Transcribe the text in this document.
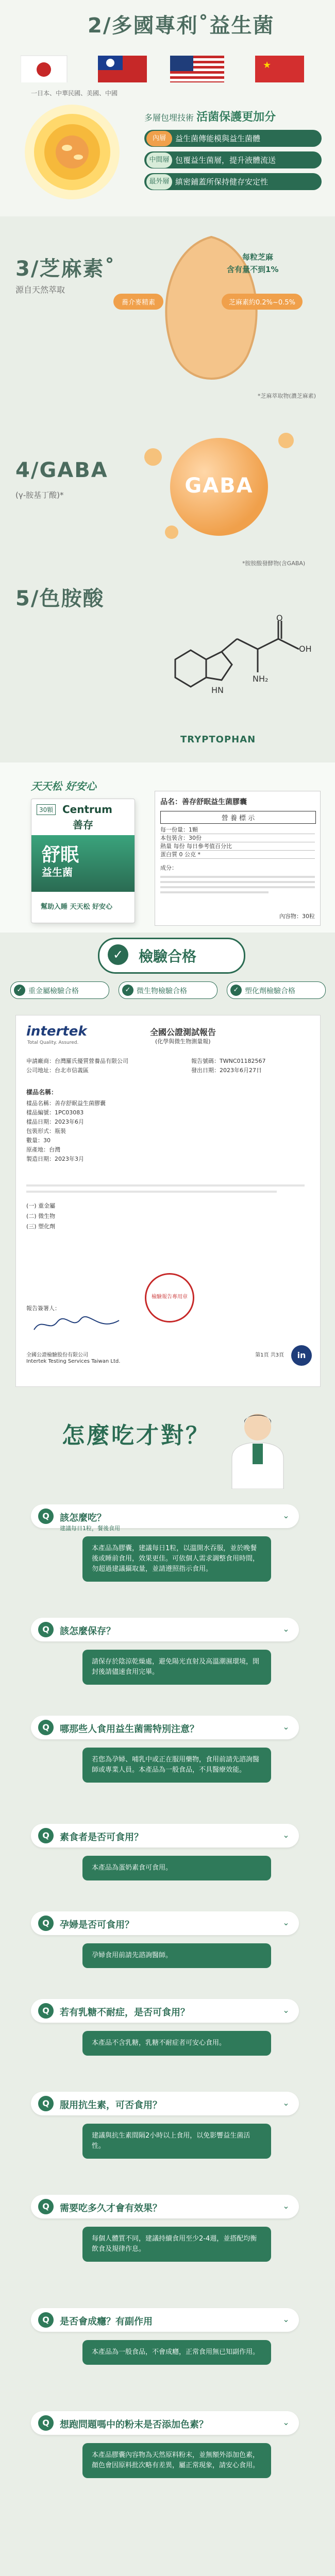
2/多國專利˚益生菌
★
一日本、中華民國、美國、中國
多層包埋技術 活菌保護更加分
內層	益生菌傳能模與益生菌體
中間層 包覆益生菌層，提升液體流送
最外層 縝密鋪蓋所保持健存安定性
3/芝麻素˚
源自天然萃取
蕎介麥精素
每粒芝麻
含有量不到1%
芝麻素約0.2%~0.5%
*芝麻萃取物(濃芝麻素)
4/GABA
(γ-胺基丁酸)*	GABA
*胺胺酸發酵物(含GABA)
5/色胺酸
O
OH
NH₂
HN
TRYPTOPHAN
天天松 好安心
30顆 Centrum
善存
舒眠
益生菌
幫助入睡 天天松 好安心
品名：善存舒眠益生菌膠囊
營 養 標 示
每一份量：1顆
本包裝含：30份
熱量 每份 每日參考值百分比
蛋白質 0 公克 *
成分：
內容物：30粒
✓	檢驗合格
✓ 重金屬檢驗合格	✓ 微生物檢驗合格	✓ 塑化劑檢驗合格
intertek
Total Quality. Assured.
全國公證測試報告
(化學與微生物測量報)
申請廠商：台灣羅氏優質營養品有限公司	報告號碼：TWNC01182567
公司地址：台北市信義區	發出日期：2023年6月27日
樣品名稱：
樣品名稱：善存舒眠益生菌膠囊
樣品編號：1PC03083
樣品日期：2023年6月
包裝形式：瓶裝
數量：30
原產地：台灣
製造日期：2023年3月
(一) 重金屬
(二) 微生物
(三) 塑化劑
檢驗報告專用章
報告簽署人：
全國公證檢驗股份有限公司
Intertek Testing Services Taiwan Ltd.
第1頁 共3頁	in
怎麼吃才對？
Q	該怎麼吃？	⌄
建議每日1粒，餐後食用
本產品為膠囊，建議每日1粒，以溫開水吞服，並於晚餐後或睡前食用，效果更佳。可依個人需求調整食用時間，勿超過建議攝取量，並請遵照指示食用。
Q	該怎麼保存？	⌄
請保存於陰涼乾燥處，避免陽光直射及高溫潮濕環境，開封後請儘速食用完畢。
Q	哪那些人食用益生菌需特別注意？	⌄
若您為孕婦、哺乳中或正在服用藥物，食用前請先諮詢醫師或專業人員。本產品為一般食品，不具醫療效能。
Q	素食者是否可食用？	⌄
本產品為蛋奶素食可食用。
Q	孕婦是否可食用？	⌄
孕婦食用前請先諮詢醫師。
Q	若有乳糖不耐症，是否可食用？	⌄
本產品不含乳糖，乳糖不耐症者可安心食用。
Q	服用抗生素，可否食用？	⌄
建議與抗生素間隔2小時以上食用，以免影響益生菌活性。
Q	需要吃多久才會有效果？	⌄
每個人體質不同，建議持續食用至少2-4週，並搭配均衡飲食及規律作息。
Q	是否會成癮？有副作用	⌄
本產品為一般食品，不會成癮，正常食用無已知副作用。
Q	想跑問題嗎中的粉末是否添加色素？	⌄
本產品膠囊內容物為天然原料粉末，並無額外添加色素，顏色會因原料批次略有差異，屬正常現象，請安心食用。
